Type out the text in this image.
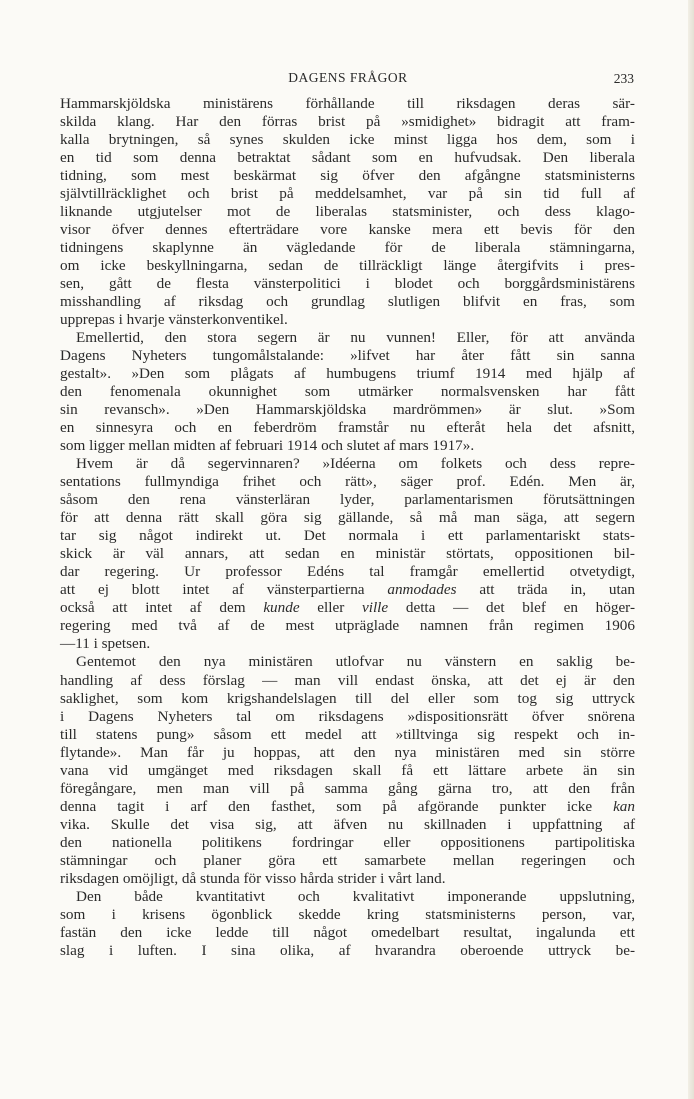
DAGENS FRÅGOR	233
Hammarskjöldska ministärens förhållande till riksdagen deras sär-
skilda klang. Har den förras brist på »smidighet» bidragit att fram-
kalla brytningen, så synes skulden icke minst ligga hos dem, som i
en tid som denna betraktat sådant som en hufvudsak. Den liberala
tidning, som mest beskärmat sig öfver den afgångne statsministerns
självtillräcklighet och brist på meddelsamhet, var på sin tid full af
liknande utgjutelser mot de liberalas statsminister, och dess klago-
visor öfver dennes efterträdare vore kanske mera ett bevis för den
tidningens skaplynne än vägledande för de liberala stämningarna,
om icke beskyllningarna, sedan de tillräckligt länge återgifvits i pres-
sen, gått de flesta vänsterpolitici i blodet och borggårdsministärens
misshandling af riksdag och grundlag slutligen blifvit en fras, som
upprepas i hvarje vänsterkonventikel.
Emellertid, den stora segern är nu vunnen! Eller, för att använda
Dagens Nyheters tungomålstalande: »lifvet har åter fått sin sanna
gestalt». »Den som plågats af humbugens triumf 1914 med hjälp af
den fenomenala okunnighet som utmärker normalsvensken har fått
sin revansch». »Den Hammarskjöldska mardrömmen» är slut. »Som
en sinnesyra och en feberdröm framstår nu efteråt hela det afsnitt,
som ligger mellan midten af februari 1914 och slutet af mars 1917».
Hvem är då segervinnaren? »Idéerna om folkets och dess repre-
sentations fullmyndiga frihet och rätt», säger prof. Edén. Men är,
såsom den rena vänsterläran lyder, parlamentarismen förutsättningen
för att denna rätt skall göra sig gällande, så må man säga, att segern
tar sig något indirekt ut. Det normala i ett parlamentariskt stats-
skick är väl annars, att sedan en ministär störtats, oppositionen bil-
dar regering. Ur professor Edéns tal framgår emellertid otvetydigt,
att ej blott intet af vänsterpartierna anmodades att träda in, utan
också att intet af dem kunde eller ville detta — det blef en höger-
regering med två af de mest utpräglade namnen från regimen 1906
—11 i spetsen.
Gentemot den nya ministären utlofvar nu vänstern en saklig be-
handling af dess förslag — man vill endast önska, att det ej är den
saklighet, som kom krigshandelslagen till del eller som tog sig uttryck
i Dagens Nyheters tal om riksdagens »dispositionsrätt öfver snörena
till statens pung» såsom ett medel att »tilltvinga sig respekt och in-
flytande». Man får ju hoppas, att den nya ministären med sin större
vana vid umgänget med riksdagen skall få ett lättare arbete än sin
föregångare, men man vill på samma gång gärna tro, att den från
denna tagit i arf den fasthet, som på afgörande punkter icke kan
vika. Skulle det visa sig, att äfven nu skillnaden i uppfattning af
den nationella politikens fordringar eller oppositionens partipolitiska
stämningar och planer göra ett samarbete mellan regeringen och
riksdagen omöjligt, då stunda för visso hårda strider i vårt land.
Den både kvantitativt och kvalitativt imponerande uppslutning,
som i krisens ögonblick skedde kring statsministerns person, var,
fastän den icke ledde till något omedelbart resultat, ingalunda ett
slag i luften. I sina olika, af hvarandra oberoende uttryck be-
